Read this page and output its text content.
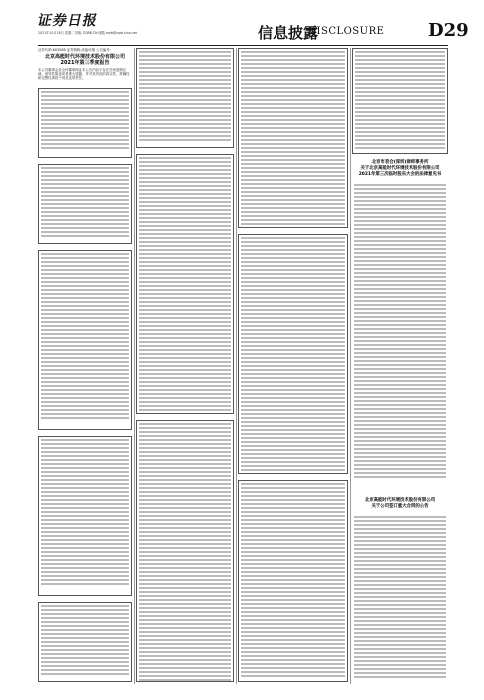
证券日报
2021年10月18日 星期二 网址 ZQRB.CN 邮箱 zqrb@zqrb.sina.net	信息披露
DISCLOSURE D29
证券代码:603588 证券简称:高能环境 公告编号:
北京高能时代环境技术股份有限公司
2021年第三季度报告
本公司董事会及全体董事保证本公告内容不存在任何虚假记载、误导性陈述或者重大遗漏，并对其内容的真实性、准确性和完整性承担个别及连带责任。
北京市君合(深圳)律师事务所
关于北京高能时代环境技术股份有限公司
2021年第三次临时股东大会的法律意见书
北京高能时代环境技术股份有限公司
关于公司签订重大合同的公告
